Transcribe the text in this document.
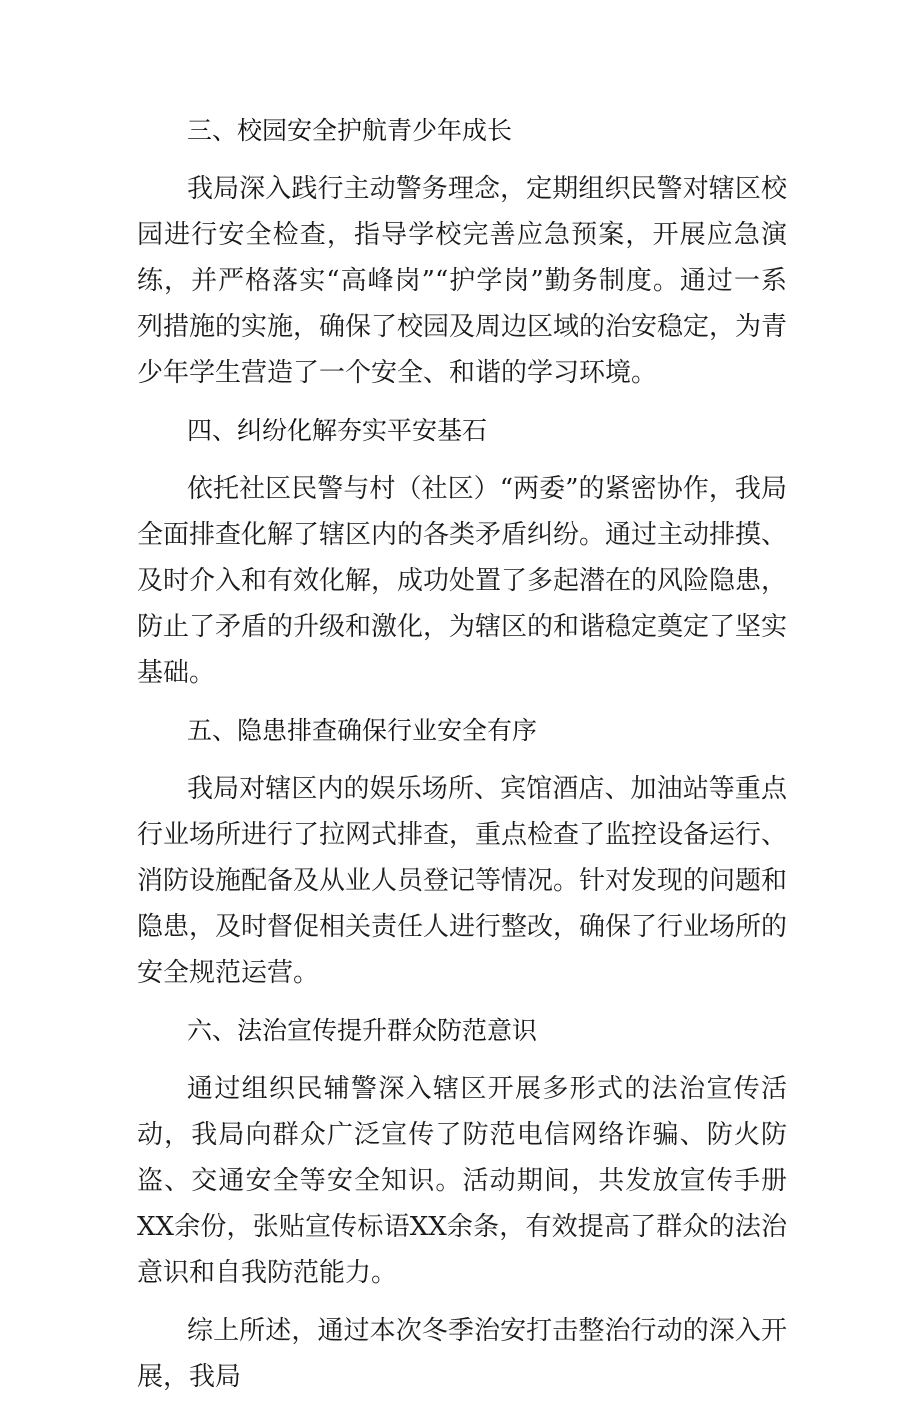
三、校园安全护航青少年成长
我局深入践行主动警务理念，定期组织民警对辖区校园进行安全检查，指导学校完善应急预案，开展应急演练，并严格落实“高峰岗”“护学岗”勤务制度。通过一系列措施的实施，确保了校园及周边区域的治安稳定，为青少年学生营造了一个安全、和谐的学习环境。
四、纠纷化解夯实平安基石
依托社区民警与村（社区）“两委”的紧密协作，我局全面排查化解了辖区内的各类矛盾纠纷。通过主动排摸、及时介入和有效化解，成功处置了多起潜在的风险隐患，防止了矛盾的升级和激化，为辖区的和谐稳定奠定了坚实基础。
五、隐患排查确保行业安全有序
我局对辖区内的娱乐场所、宾馆酒店、加油站等重点行业场所进行了拉网式排查，重点检查了监控设备运行、消防设施配备及从业人员登记等情况。针对发现的问题和隐患，及时督促相关责任人进行整改，确保了行业场所的安全规范运营。
六、法治宣传提升群众防范意识
通过组织民辅警深入辖区开展多形式的法治宣传活动，我局向群众广泛宣传了防范电信网络诈骗、防火防盗、交通安全等安全知识。活动期间，共发放宣传手册XX余份，张贴宣传标语XX余条，有效提高了群众的法治意识和自我防范能力。
综上所述，通过本次冬季治安打击整治行动的深入开展，我局
